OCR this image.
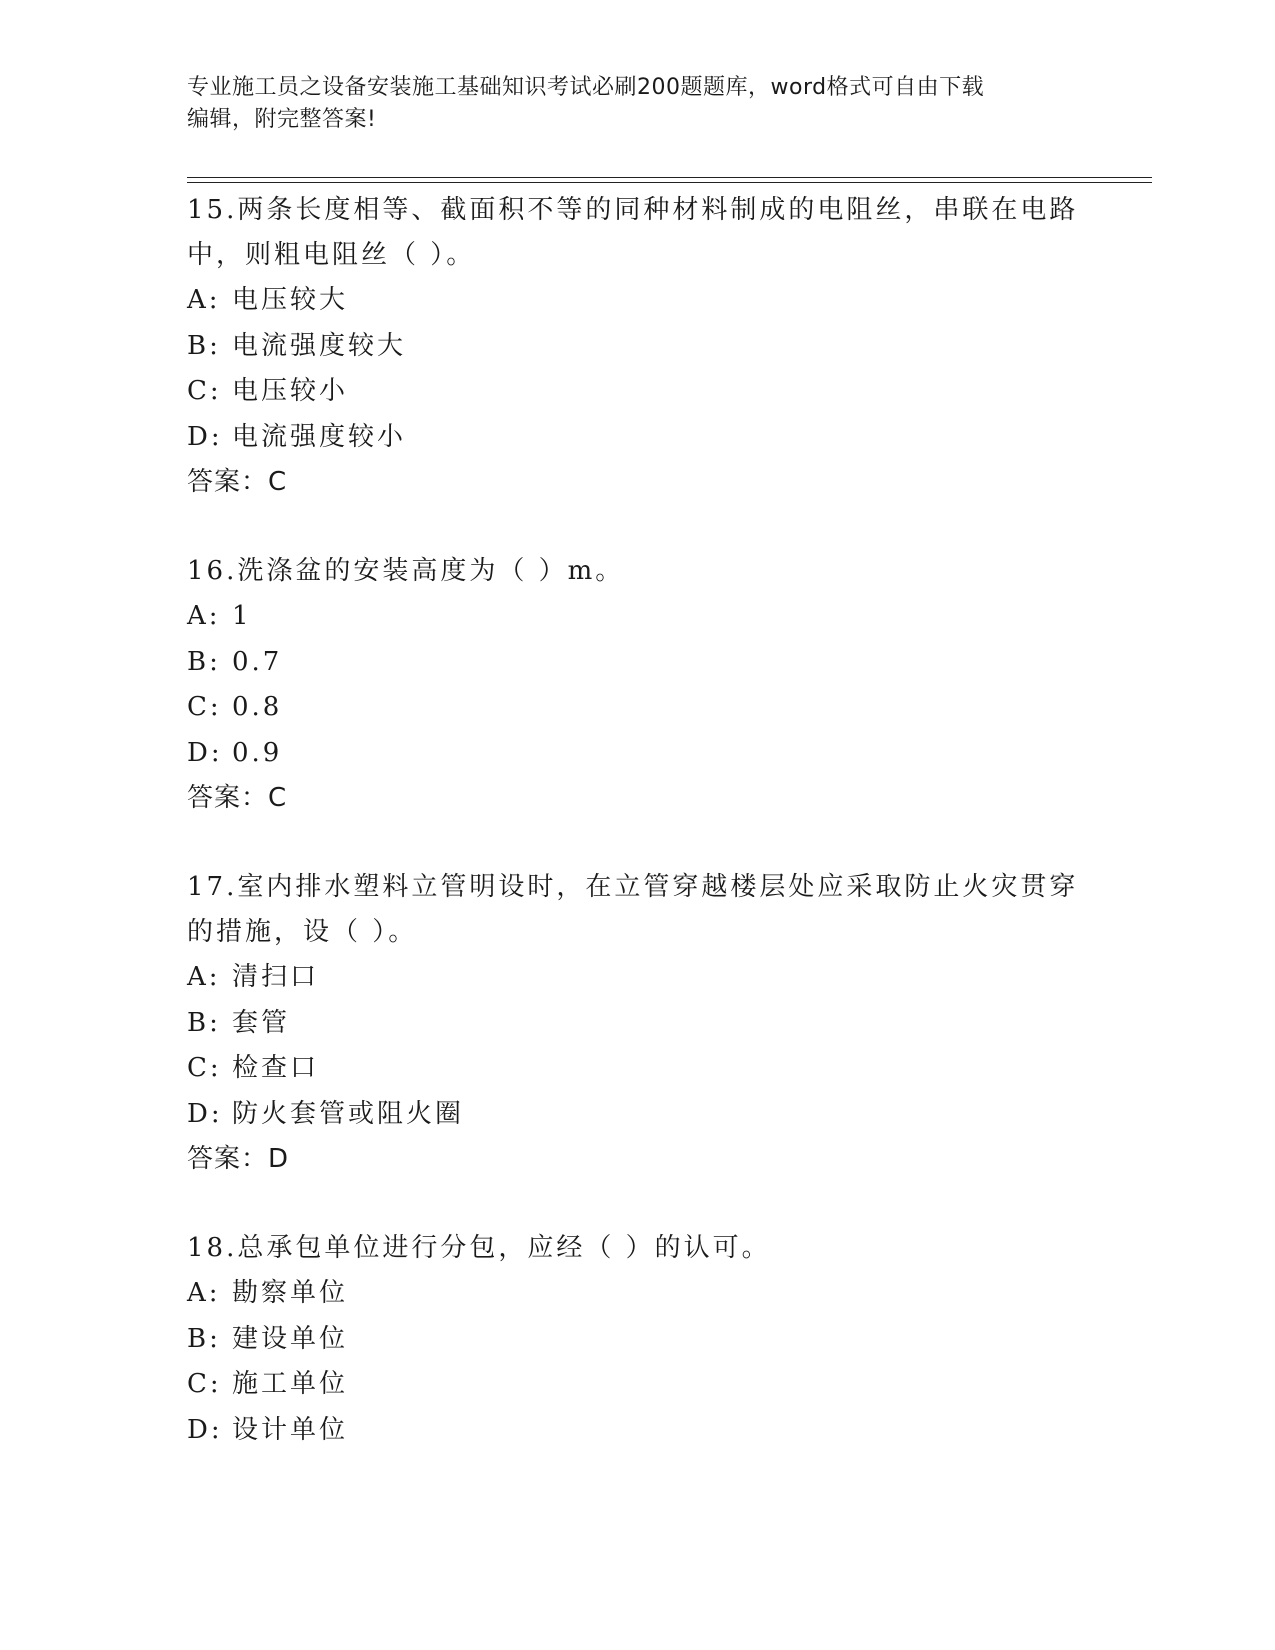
专业施工员之设备安装施工基础知识考试必刷200题题库，word格式可自由下载
编辑，附完整答案!

15.两条长度相等、截面积不等的同种材料制成的电阻丝，串联在电路
中，则粗电阻丝（ ）。

A: 电压较大

B: 电流强度较大

C: 电压较小

D: 电流强度较小

答案：C

16.洗涤盆的安装高度为（ ）m。

A: 1

B: 0.7

C: 0.8

D: 0.9

答案：C

17.室内排水塑料立管明设时，在立管穿越楼层处应采取防止火灾贯穿
的措施，设（ ）。

A: 清扫口

B: 套管

C: 检查口

D: 防火套管或阻火圈

答案：D

18.总承包单位进行分包，应经（ ）的认可。

A: 勘察单位

B: 建设单位

C: 施工单位

D: 设计单位
